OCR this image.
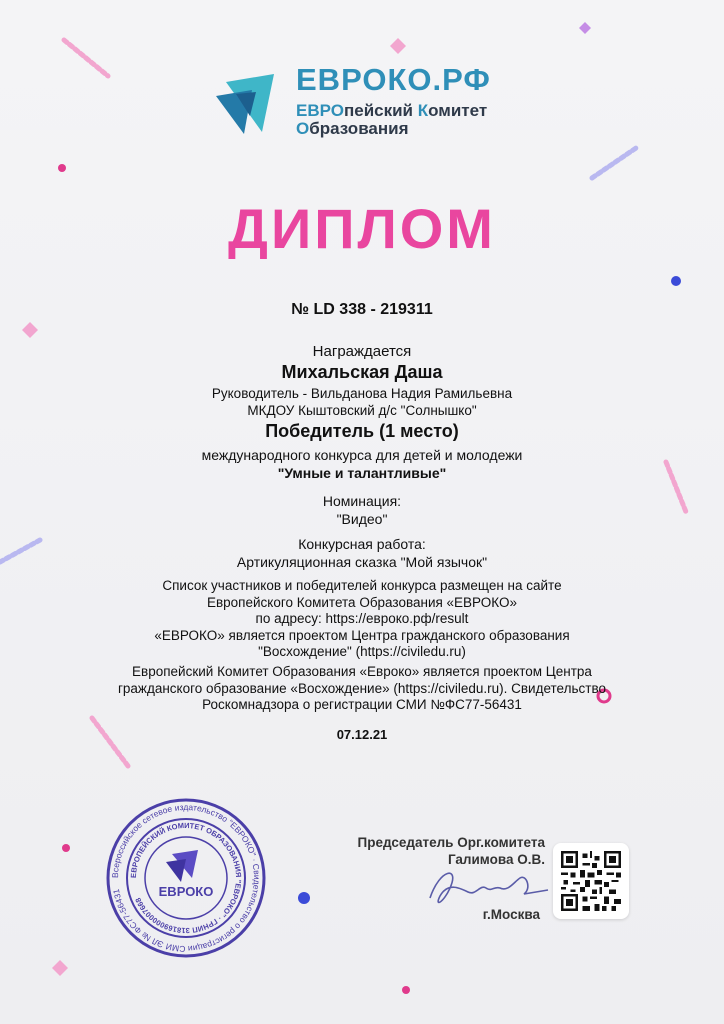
ЕВРОКО.РФ
ЕВРОпейский Комитет
Образования
ДИПЛОМ
№ LD 338 - 219311
Награждается
Михальская Даша
Руководитель - Вильданова Надия Рамильевна
МКДОУ Кыштовский д/с "Солнышко"
Победитель (1 место)
международного конкурса для детей и молодежи
"Умные и талантливые"
Номинация:
"Видео"
Конкурсная работа:
Артикуляционная сказка "Мой язычок"
Список участников и победителей конкурса размещен на сайте
Европейского Комитета Образования «ЕВРОКО»
по адресу: https://евроко.рф/result
«ЕВРОКО» является проектом Центра гражданского образования
"Восхождение" (https://civiledu.ru)
Европейский Комитет Образования «Евроко» является проектом Центра
гражданского образование «Восхождение» (https://civiledu.ru). Свидетельство
Роскомнадзора о регистрации СМИ №ФС77-56431
07.12.21
Всероссийское сетевое издательство "ЕВРОКО" · Свидетельство о регистрации СМИ ЭЛ № ФС77-56431
ЕВРОПЕЙСКИЙ КОМИТЕТ ОБРАЗОВАНИЯ "ЕВРОКО" · ГРНИП 318169000007668
ЕВРОКО
Председатель Орг.комитета
Галимова О.В.
г.Москва
